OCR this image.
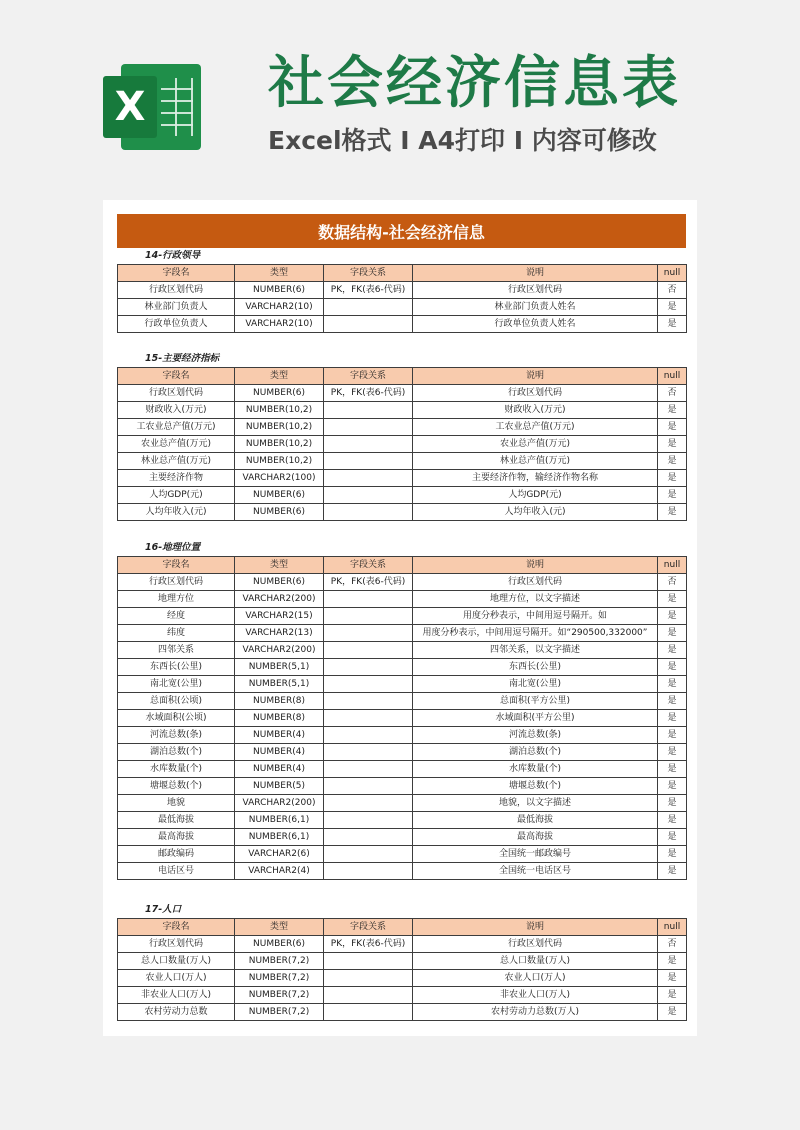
X 社会经济信息表
Excel格式 Ⅰ A4打印 Ⅰ 内容可修改
数据结构-社会经济信息
14-行政领导
字段名	类型	字段关系	说明	null
行政区划代码	NUMBER(6)	PK，FK(表6-代码)	行政区划代码	否
林业部门负责人	VARCHAR2(10)		林业部门负责人姓名	是
行政单位负责人	VARCHAR2(10)		行政单位负责人姓名	是
15-主要经济指标
字段名	类型	字段关系	说明	null
行政区划代码	NUMBER(6)	PK，FK(表6-代码)	行政区划代码	否
财政收入(万元)	NUMBER(10,2)		财政收入(万元)	是
工农业总产值(万元)	NUMBER(10,2)		工农业总产值(万元)	是
农业总产值(万元)	NUMBER(10,2)		农业总产值(万元)	是
林业总产值(万元)	NUMBER(10,2)		林业总产值(万元)	是
主要经济作物	VARCHAR2(100)		主要经济作物，输经济作物名称	是
人均GDP(元)	NUMBER(6)		人均GDP(元)	是
人均年收入(元)	NUMBER(6)		人均年收入(元)	是
16-地理位置
字段名	类型	字段关系	说明	null
行政区划代码	NUMBER(6)	PK，FK(表6-代码)	行政区划代码	否
地理方位	VARCHAR2(200)		地理方位，以文字描述	是
经度	VARCHAR2(15)		用度分秒表示，中间用逗号隔开。如	是
纬度	VARCHAR2(13)		用度分秒表示，中间用逗号隔开。如“290500,332000”	是
四邻关系	VARCHAR2(200)		四邻关系，以文字描述	是
东西长(公里)	NUMBER(5,1)		东西长(公里)	是
南北宽(公里)	NUMBER(5,1)		南北宽(公里)	是
总面积(公顷)	NUMBER(8)		总面积(平方公里)	是
水域面积(公顷)	NUMBER(8)		水域面积(平方公里)	是
河流总数(条)	NUMBER(4)		河流总数(条)	是
湖泊总数(个)	NUMBER(4)		湖泊总数(个)	是
水库数量(个)	NUMBER(4)		水库数量(个)	是
塘堰总数(个)	NUMBER(5)		塘堰总数(个)	是
地貌	VARCHAR2(200)		地貌，以文字描述	是
最低海拔	NUMBER(6,1)		最低海拔	是
最高海拔	NUMBER(6,1)		最高海拔	是
邮政编码	VARCHAR2(6)		全国统一邮政编号	是
电话区号	VARCHAR2(4)		全国统一电话区号	是
17-人口
字段名	类型	字段关系	说明	null
行政区划代码	NUMBER(6)	PK，FK(表6-代码)	行政区划代码	否
总人口数量(万人)	NUMBER(7,2)		总人口数量(万人)	是
农业人口(万人)	NUMBER(7,2)		农业人口(万人)	是
非农业人口(万人)	NUMBER(7,2)		非农业人口(万人)	是
农村劳动力总数	NUMBER(7,2)		农村劳动力总数(万人)	是
